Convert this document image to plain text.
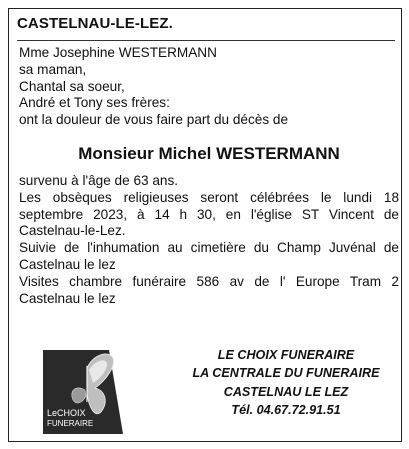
CASTELNAU-LE-LEZ.
Mme Josephine WESTERMANN
sa maman,
Chantal sa soeur,
André et Tony ses frères:
ont la douleur de vous faire part du décès de
Monsieur Michel WESTERMANN
survenu à l'âge de 63 ans.
Les obsèques religieuses seront célébrées le lundi 18 septembre 2023, à 14 h 30, en l'église ST Vincent de Castelnau-le-Lez.
Suivie de l'inhumation au cimetière du Champ Juvénal de Castelnau le lez
Visites chambre funéraire 586 av de l' Europe Tram 2 Castelnau le lez
LeCHOIX
FUNERAIRE
LE CHOIX FUNERAIRE
LA CENTRALE DU FUNERAIRE
CASTELNAU LE LEZ
Tél. 04.67.72.91.51
